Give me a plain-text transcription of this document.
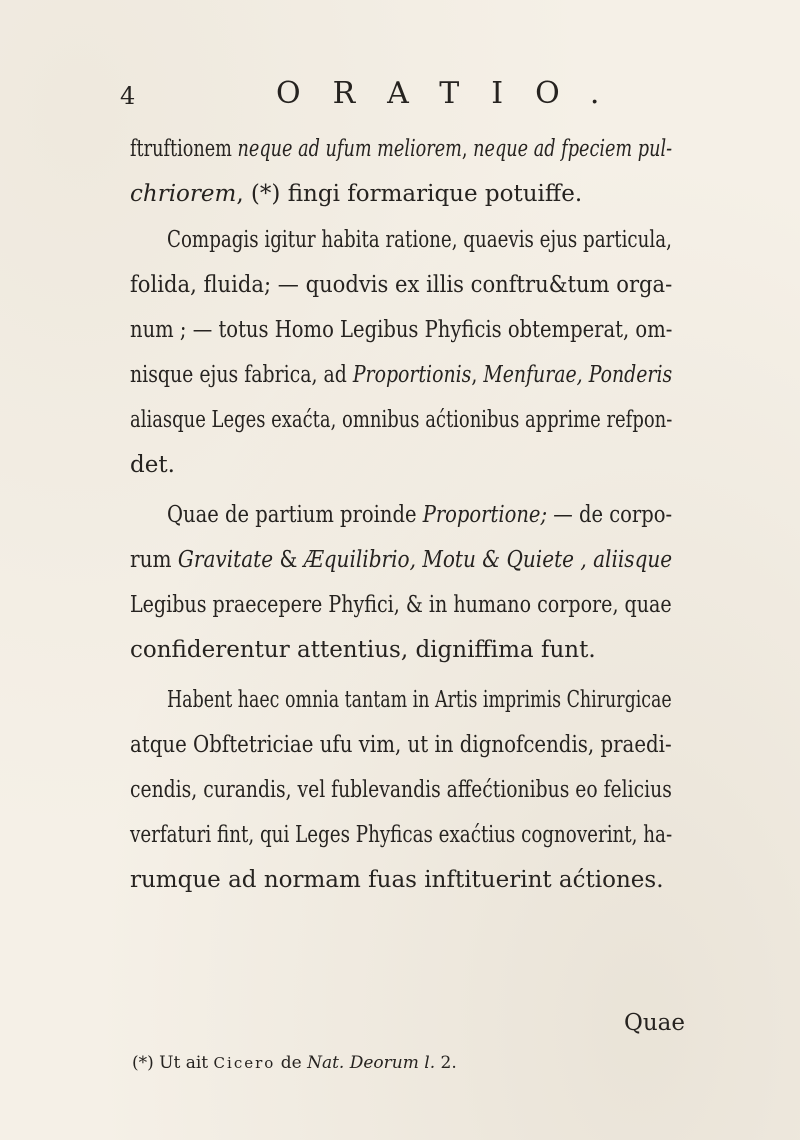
4	ORATIO.
ftruftionem neque ad ufum meliorem, neque ad fpeciem pul-
chriorem, (*) fingi formarique potuiffe.
Compagis igitur habita ratione, quaevis ejus particula,
folida, fluida; — quodvis ex illis conftru&tum orga-
num ; — totus Homo Legibus Phyficis obtemperat, om-
nisque ejus fabrica, ad Proportionis, Menfurae, Ponderis
aliasque Leges exaćta, omnibus aćtionibus apprime refpon-
det.
Quae de partium proinde Proportione; — de corpo-
rum Gravitate & Æquilibrio, Motu & Quiete , aliisque
Legibus praecepere Phyfici, & in humano corpore, quae
confiderentur attentius, digniffima funt.
Habent haec omnia tantam in Artis imprimis Chirurgicae
atque Obftetriciae ufu vim, ut in dignofcendis, praedi-
cendis, curandis, vel fublevandis affećtionibus eo felicius
verfaturi fint, qui Leges Phyficas exaćtius cognoverint, ha-
rumque ad normam fuas inftituerint aćtiones.
Quae
(*) Ut ait Cicero de Nat. Deorum l. 2.
